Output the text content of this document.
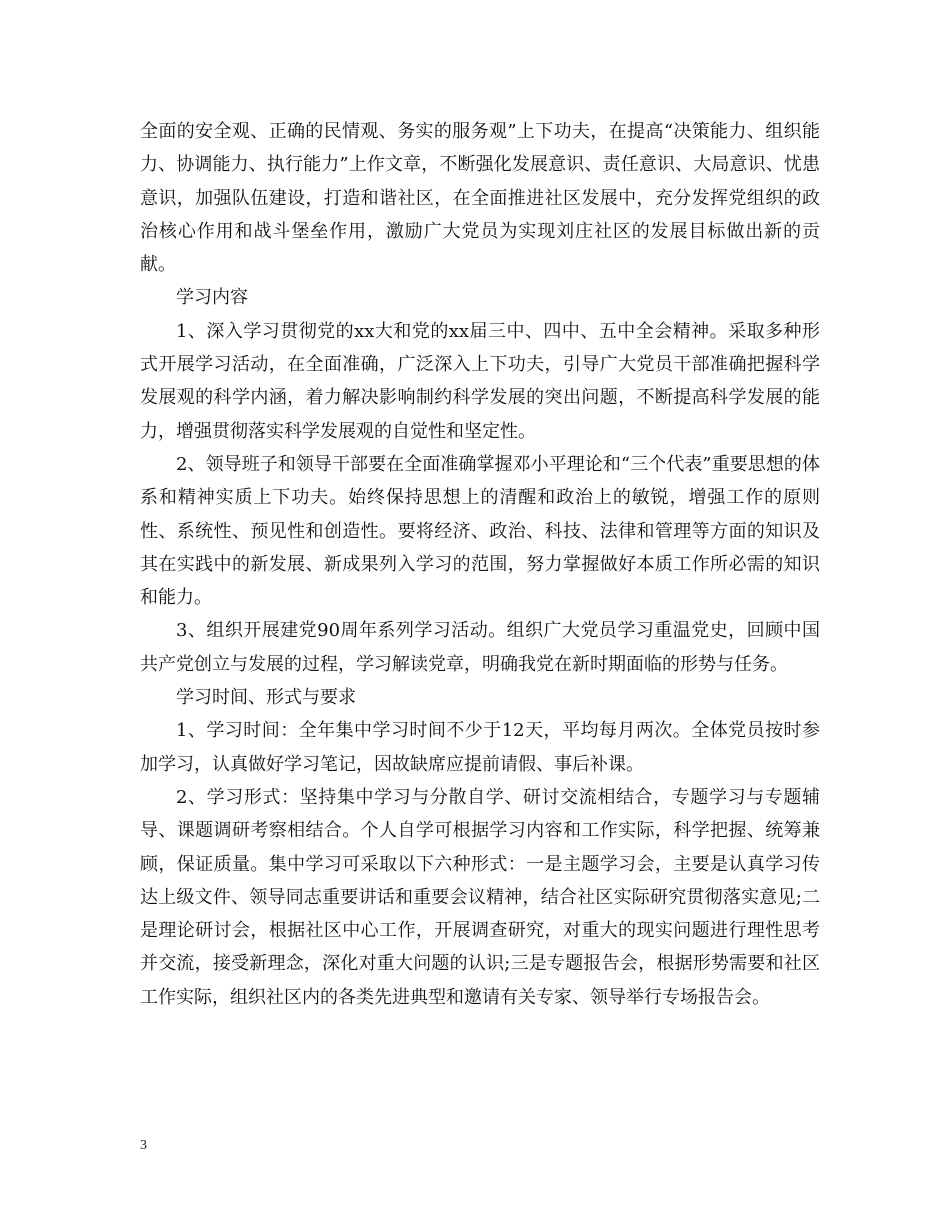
全面的安全观、正确的民情观、务实的服务观”上下功夫，在提高“决策能力、组织能力、协调能力、执行能力”上作文章，不断强化发展意识、责任意识、大局意识、忧患意识，加强队伍建设，打造和谐社区，在全面推进社区发展中，充分发挥党组织的政治核心作用和战斗堡垒作用，激励广大党员为实现刘庄社区的发展目标做出新的贡献。

学习内容

1、深入学习贯彻党的xx大和党的xx届三中、四中、五中全会精神。采取多种形式开展学习活动，在全面准确，广泛深入上下功夫，引导广大党员干部准确把握科学发展观的科学内涵，着力解决影响制约科学发展的突出问题，不断提高科学发展的能力，增强贯彻落实科学发展观的自觉性和坚定性。

2、领导班子和领导干部要在全面准确掌握邓小平理论和“三个代表”重要思想的体系和精神实质上下功夫。始终保持思想上的清醒和政治上的敏锐，增强工作的原则性、系统性、预见性和创造性。要将经济、政治、科技、法律和管理等方面的知识及其在实践中的新发展、新成果列入学习的范围，努力掌握做好本质工作所必需的知识和能力。

3、组织开展建党90周年系列学习活动。组织广大党员学习重温党史，回顾中国共产党创立与发展的过程，学习解读党章，明确我党在新时期面临的形势与任务。

学习时间、形式与要求

1、学习时间：全年集中学习时间不少于12天，平均每月两次。全体党员按时参加学习，认真做好学习笔记，因故缺席应提前请假、事后补课。

2、学习形式：坚持集中学习与分散自学、研讨交流相结合，专题学习与专题辅导、课题调研考察相结合。个人自学可根据学习内容和工作实际，科学把握、统筹兼顾，保证质量。集中学习可采取以下六种形式：一是主题学习会，主要是认真学习传达上级文件、领导同志重要讲话和重要会议精神，结合社区实际研究贯彻落实意见;二是理论研讨会，根据社区中心工作，开展调查研究，对重大的现实问题进行理性思考并交流，接受新理念，深化对重大问题的认识;三是专题报告会，根据形势需要和社区工作实际，组织社区内的各类先进典型和邀请有关专家、领导举行专场报告会。

3
